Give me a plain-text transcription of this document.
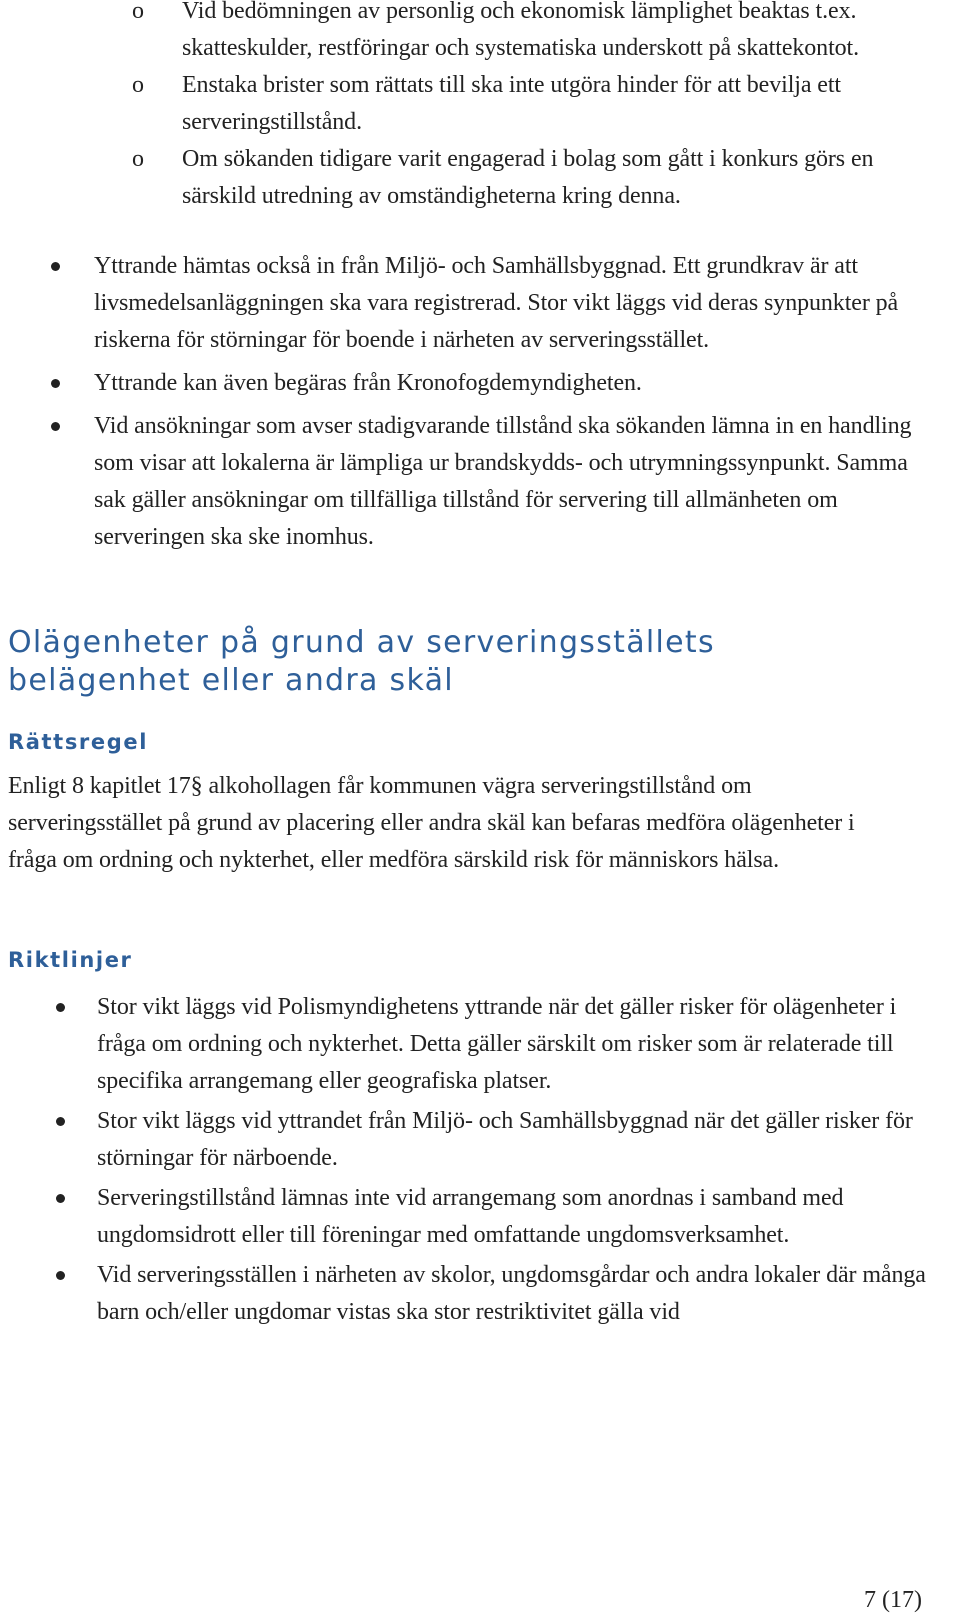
o	Vid bedömningen av personlig och ekonomisk lämplighet beaktas t.ex. skatteskulder, restföringar och systematiska underskott på skattekontot.
o	Enstaka brister som rättats till ska inte utgöra hinder för att bevilja ett serveringstillstånd.
o	Om sökanden tidigare varit engagerad i bolag som gått i konkurs görs en särskild utredning av omständigheterna kring denna.
Yttrande hämtas också in från Miljö- och Samhällsbyggnad. Ett grundkrav är att livsmedelsanläggningen ska vara registrerad. Stor vikt läggs vid deras synpunkter på riskerna för störningar för boende i närheten av serveringsstället.
Yttrande kan även begäras från Kronofogdemyndigheten.
Vid ansökningar som avser stadigvarande tillstånd ska sökanden lämna in en handling som visar att lokalerna är lämpliga ur brandskydds- och utrymningssynpunkt. Samma sak gäller ansökningar om tillfälliga tillstånd för servering till allmänheten om serveringen ska ske inomhus.
Olägenheter på grund av serveringsställets belägenhet eller andra skäl
Rättsregel

Enligt 8 kapitlet 17§ alkohollagen får kommunen vägra serveringstillstånd om serveringsstället på grund av placering eller andra skäl kan befaras medföra olägenheter i fråga om ordning och nykterhet, eller medföra särskild risk för människors hälsa.

Riktlinjer
Stor vikt läggs vid Polismyndighetens yttrande när det gäller risker för olägenheter i fråga om ordning och nykterhet. Detta gäller särskilt om risker som är relaterade till specifika arrangemang eller geografiska platser.
Stor vikt läggs vid yttrandet från Miljö- och Samhällsbyggnad när det gäller risker för störningar för närboende.
Serveringstillstånd lämnas inte vid arrangemang som anordnas i samband med ungdomsidrott eller till föreningar med omfattande ungdomsverksamhet.
Vid serveringsställen i närheten av skolor, ungdomsgårdar och andra lokaler där många barn och/eller ungdomar vistas ska stor restriktivitet gälla vid
7 (17)
